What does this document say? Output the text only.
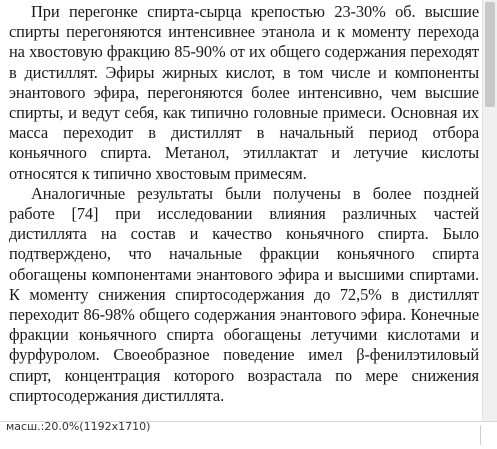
При перегонке спирта-сырца крепостью 23-30% об. высшие спирты перегоняются интенсивнее этанола и к моменту перехода на хвостовую фракцию 85-90% от их общего содержания переходят в дистиллят. Эфиры жирных кислот, в том числе и компоненты энантового эфира, перегоняются более интенсивно, чем высшие спирты, и ведут себя, как типично головные примеси. Основная их масса переходит в дистиллят в начальный период отбора коньячного спирта. Метанол, этиллактат и летучие кислоты относятся к типично хвостовым примесям.

Аналогичные результаты были получены в более поздней работе [74] при исследовании влияния различных частей дистиллята на состав и качество коньячного спирта. Было подтверждено, что начальные фракции коньячного спирта обогащены компонентами энантового эфира и высшими спиртами. К моменту снижения спиртосодержания до 72,5% в дистиллят переходит 86-98% общего содержания энантового эфира. Конечные фракции коньячного спирта обогащены летучими кислотами и фурфуролом. Своеобразное поведение имел β-фенилэтиловый спирт, концентрация которого возрастала по мере снижения спиртосодержания дистиллята.

масш.:20.0%(1192x1710)
